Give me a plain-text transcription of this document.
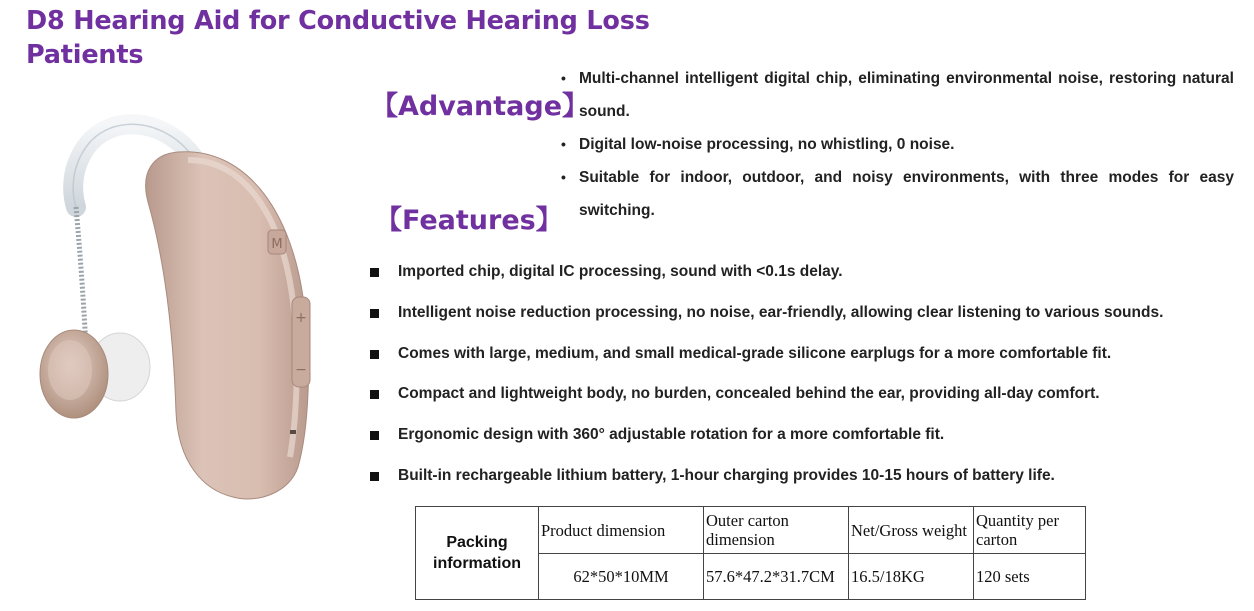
D8 Hearing Aid for Conductive Hearing Loss Patients
M
+
−
【Advantage】
• Multi-channel intelligent digital chip, eliminating environmental noise, restoring natural sound.
• Digital low-noise processing, no whistling, 0 noise.
• Suitable for indoor, outdoor, and noisy environments, with three modes for easy switching.
【Features】
Imported chip, digital IC processing, sound with <0.1s delay.
Intelligent noise reduction processing, no noise, ear-friendly, allowing clear listening to various sounds.
Comes with large, medium, and small medical-grade silicone earplugs for a more comfortable fit.
Compact and lightweight body, no burden, concealed behind the ear, providing all-day comfort.
Ergonomic design with 360° adjustable rotation for a more comfortable fit.
Built-in rechargeable lithium battery, 1-hour charging provides 10-15 hours of battery life.
Packing information	Product dimension	Outer carton dimension	Net/Gross weight	Quantity per carton
	62*50*10MM	57.6*47.2*31.7CM	16.5/18KG	120 sets
